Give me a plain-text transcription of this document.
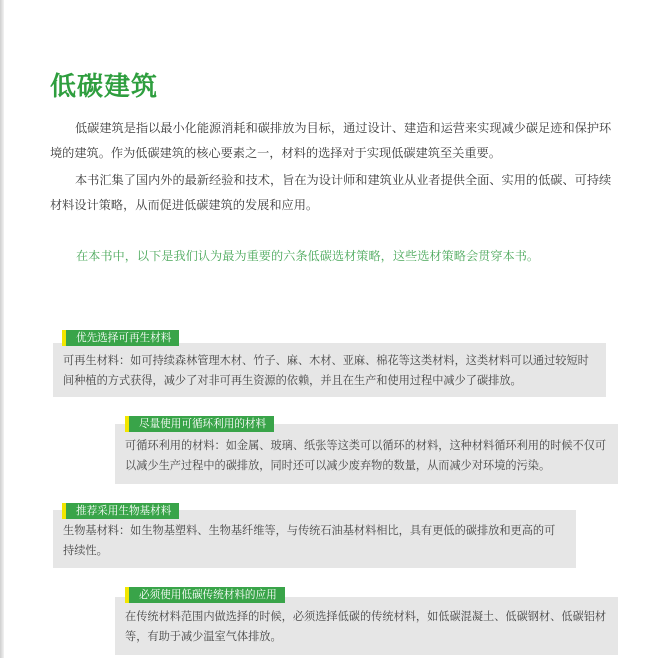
低碳建筑

低碳建筑是指以最小化能源消耗和碳排放为目标，通过设计、建造和运营来实现减少碳足迹和保护环境的建筑。作为低碳建筑的核心要素之一，材料的选择对于实现低碳建筑至关重要。

本书汇集了国内外的最新经验和技术，旨在为设计师和建筑业从业者提供全面、实用的低碳、可持续材料设计策略，从而促进低碳建筑的发展和应用。

在本书中，以下是我们认为最为重要的六条低碳选材策略，这些选材策略会贯穿本书。

可再生材料：如可持续森林管理木材、竹子、麻、木材、亚麻、棉花等这类材料，这类材料可以通过较短时间种植的方式获得，减少了对非可再生资源的依赖，并且在生产和使用过程中减少了碳排放。

优先选择可再生材料

可循环利用的材料：如金属、玻璃、纸张等这类可以循环的材料，这种材料循环利用的时候不仅可以减少生产过程中的碳排放，同时还可以减少废弃物的数量，从而减少对环境的污染。

尽量使用可循环利用的材料

生物基材料：如生物基塑料、生物基纤维等，与传统石油基材料相比，具有更低的碳排放和更高的可持续性。

推荐采用生物基材料

在传统材料范围内做选择的时候，必须选择低碳的传统材料，如低碳混凝土、低碳钢材、低碳铝材等，有助于减少温室气体排放。

必须使用低碳传统材料的应用
